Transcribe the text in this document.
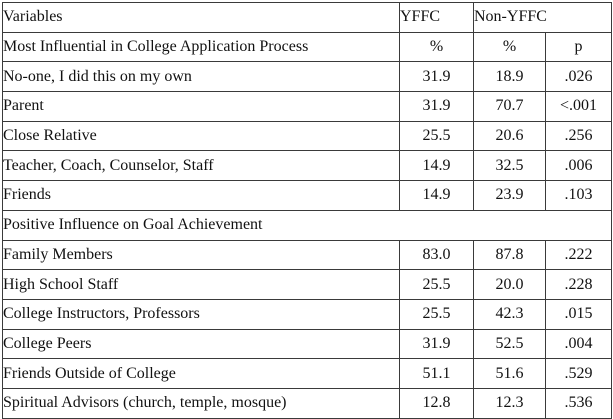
Variables	YFFC	Non-YFFC	
Most Influential in College Application Process	%	%	p
No-one, I did this on my own	31.9	18.9	.026
Parent	31.9	70.7	<.001
Close Relative	25.5	20.6	.256
Teacher, Coach, Counselor, Staff	14.9	32.5	.006
Friends	14.9	23.9	.103
Positive Influence on Goal Achievement			
Family Members	83.0	87.8	.222
High School Staff	25.5	20.0	.228
College Instructors, Professors	25.5	42.3	.015
College Peers	31.9	52.5	.004
Friends Outside of College	51.1	51.6	.529
Spiritual Advisors (church, temple, mosque)	12.8	12.3	.536
